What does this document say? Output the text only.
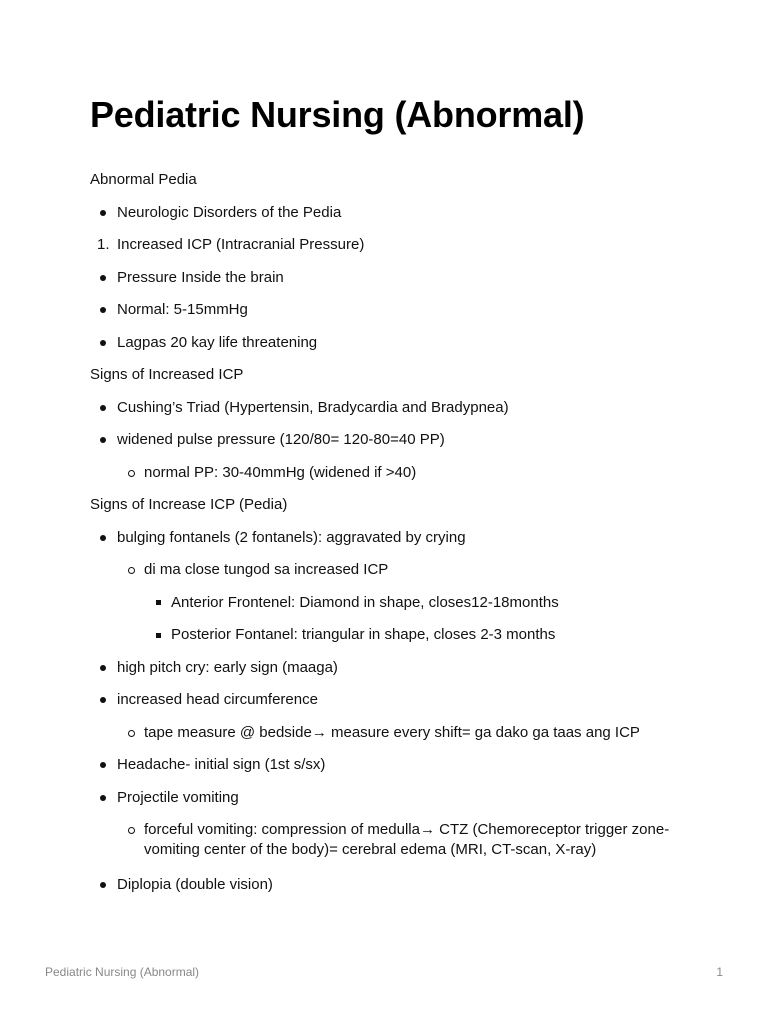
Pediatric Nursing (Abnormal)
Abnormal Pedia
Neurologic Disorders of the Pedia
1. Increased ICP (Intracranial Pressure)
Pressure Inside the brain
Normal: 5-15mmHg
Lagpas 20 kay life threatening
Signs of Increased ICP
Cushing’s Triad (Hypertensin, Bradycardia and Bradypnea)
widened pulse pressure (120/80= 120-80=40 PP)
normal PP: 30-40mmHg (widened if >40)
Signs of Increase ICP (Pedia)
bulging fontanels (2 fontanels): aggravated by crying
di ma close tungod sa increased ICP
Anterior Frontenel: Diamond in shape, closes12-18months
Posterior Fontanel: triangular in shape, closes 2-3 months
high pitch cry: early sign (maaga)
increased head circumference
tape measure @ bedside→ measure every shift= ga dako ga taas ang ICP
Headache- initial sign (1st s/sx)
Projectile vomiting
forceful vomiting: compression of medulla→ CTZ (Chemoreceptor trigger zone- vomiting center of the body)= cerebral edema (MRI, CT-scan, X-ray)
Diplopia (double vision)
Pediatric Nursing (Abnormal)	1
